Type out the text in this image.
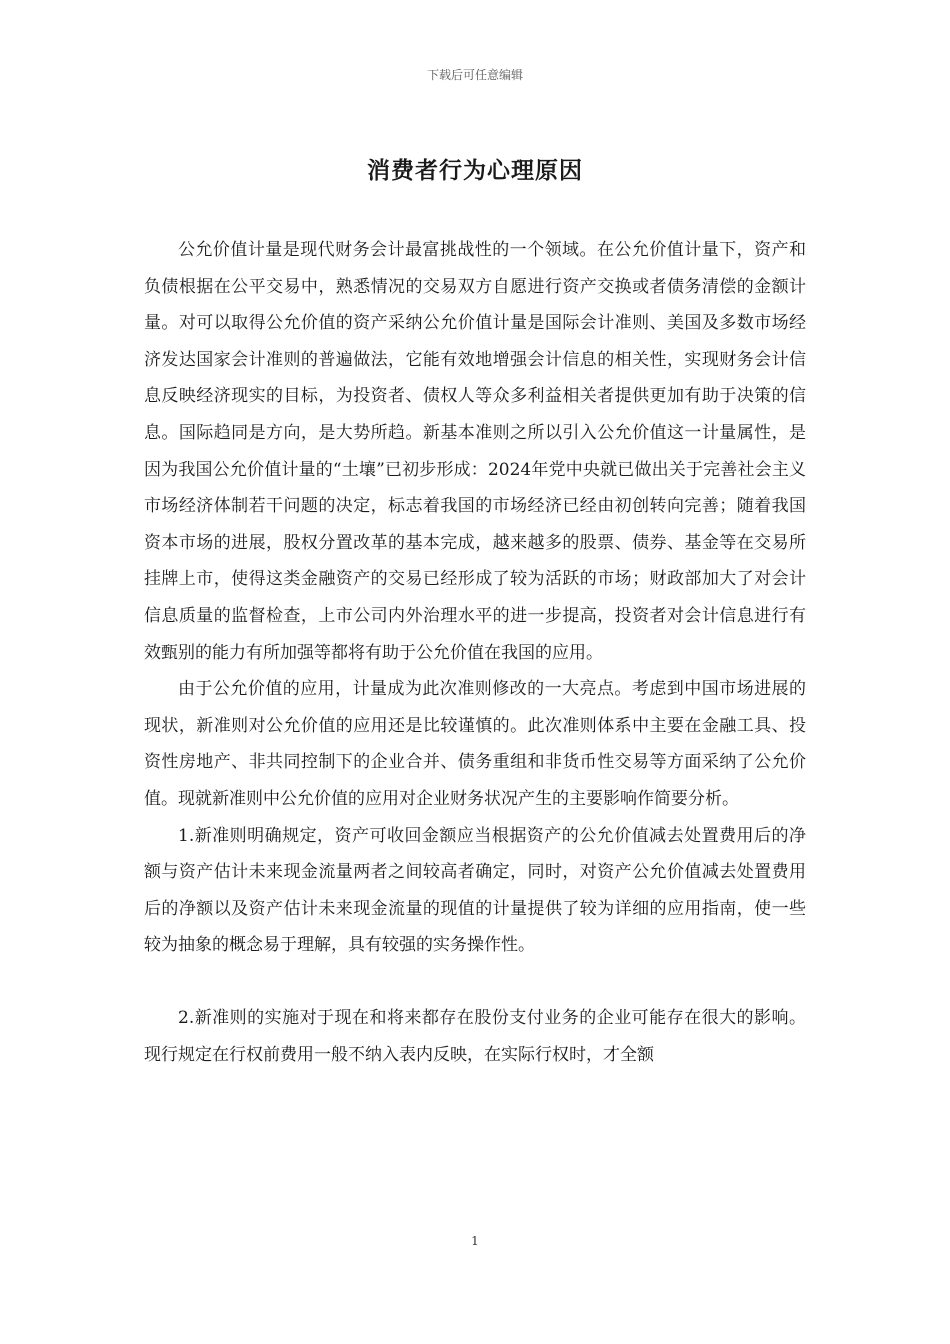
下载后可任意编辑
消费者行为心理原因

公允价值计量是现代财务会计最富挑战性的一个领域。在公允价值计量下，资产和负债根据在公平交易中，熟悉情况的交易双方自愿进行资产交换或者债务清偿的金额计量。对可以取得公允价值的资产采纳公允价值计量是国际会计准则、美国及多数市场经济发达国家会计准则的普遍做法，它能有效地增强会计信息的相关性，实现财务会计信息反映经济现实的目标，为投资者、债权人等众多利益相关者提供更加有助于决策的信息。国际趋同是方向，是大势所趋。新基本准则之所以引入公允价值这一计量属性，是因为我国公允价值计量的“土壤”已初步形成：2024年党中央就已做出关于完善社会主义市场经济体制若干问题的决定，标志着我国的市场经济已经由初创转向完善；随着我国资本市场的进展，股权分置改革的基本完成，越来越多的股票、债券、基金等在交易所挂牌上市，使得这类金融资产的交易已经形成了较为活跃的市场；财政部加大了对会计信息质量的监督检查，上市公司内外治理水平的进一步提高，投资者对会计信息进行有效甄别的能力有所加强等都将有助于公允价值在我国的应用。

由于公允价值的应用，计量成为此次准则修改的一大亮点。考虑到中国市场进展的现状，新准则对公允价值的应用还是比较谨慎的。此次准则体系中主要在金融工具、投资性房地产、非共同控制下的企业合并、债务重组和非货币性交易等方面采纳了公允价值。现就新准则中公允价值的应用对企业财务状况产生的主要影响作简要分析。

1.新准则明确规定，资产可收回金额应当根据资产的公允价值减去处置费用后的净额与资产估计未来现金流量两者之间较高者确定，同时，对资产公允价值减去处置费用后的净额以及资产估计未来现金流量的现值的计量提供了较为详细的应用指南，使一些较为抽象的概念易于理解，具有较强的实务操作性。

2.新准则的实施对于现在和将来都存在股份支付业务的企业可能存在很大的影响。现行规定在行权前费用一般不纳入表内反映，在实际行权时，才全额

1
